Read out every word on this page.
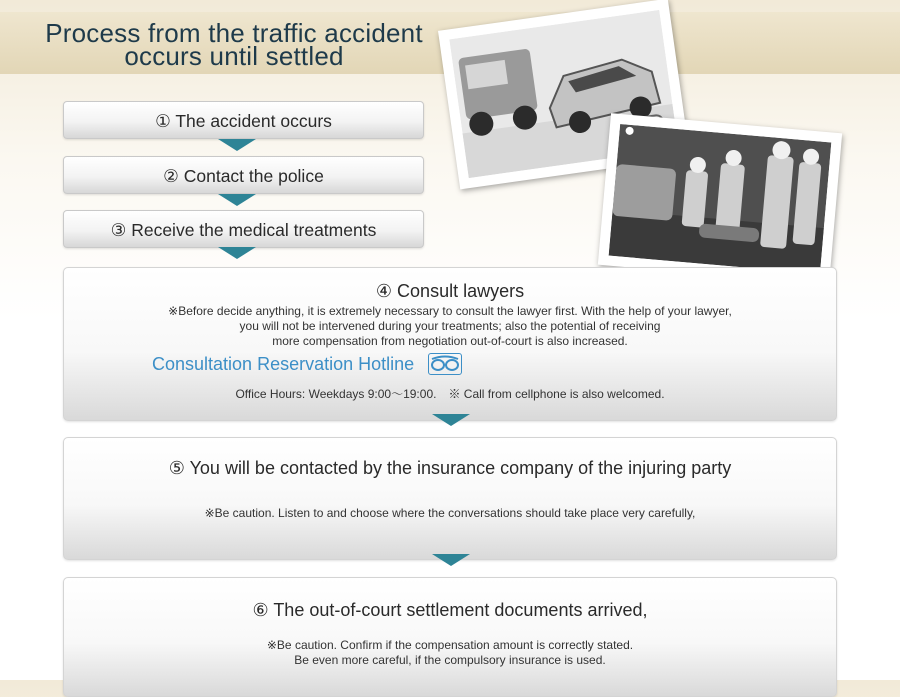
Process from the traffic accident
occurs until settled
① The accident occurs
② Contact the police
③ Receive the medical treatments
④ Consult lawyers
※Before decide anything, it is extremely necessary to consult the lawyer first. With the help of your lawyer,
you will not be intervened during your treatments; also the potential of receiving
more compensation from negotiation out-of-court is also increased.
Consultation Reservation Hotline
Office Hours: Weekdays 9:00～19:00.　※ Call from cellphone is also welcomed.
⑤ You will be contacted by the insurance company of the injuring party
※Be caution. Listen to and choose where the conversations should take place very carefully,
⑥ The out-of-court settlement documents arrived,
※Be caution. Confirm if the compensation amount is correctly stated.
Be even more careful, if the compulsory insurance is used.
